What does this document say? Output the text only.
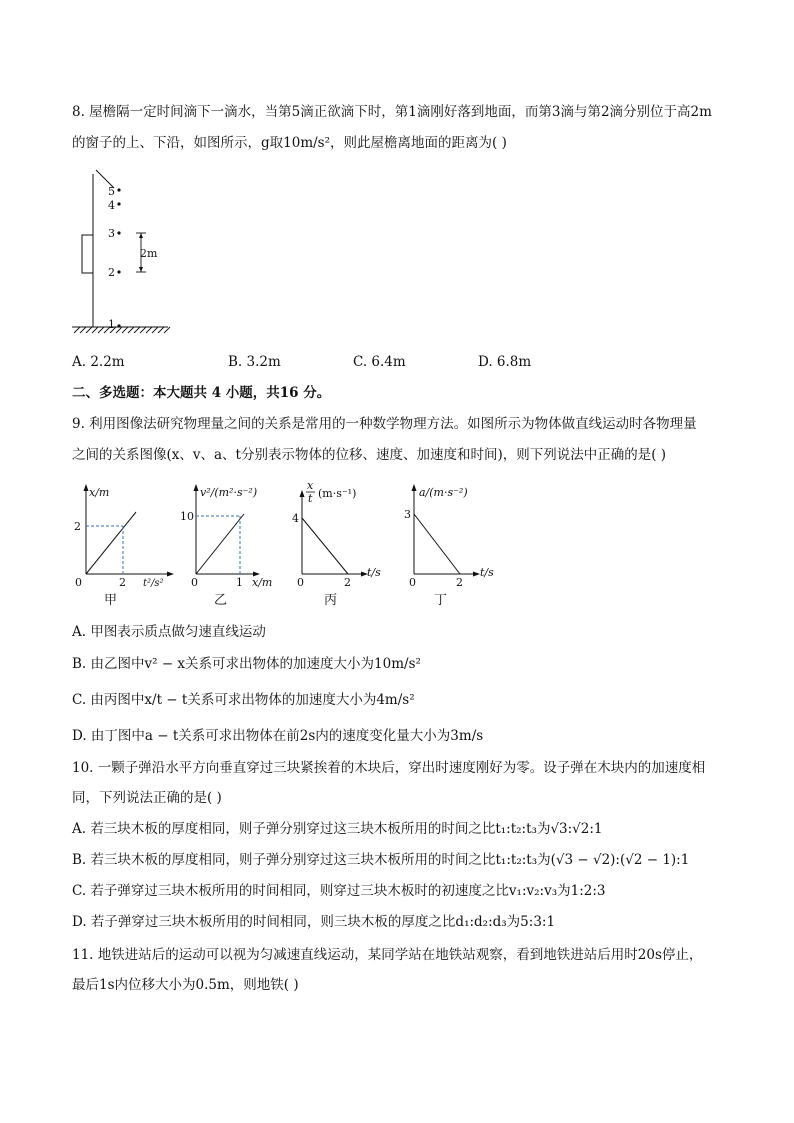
8. 屋檐隔一定时间滴下一滴水，当第5滴正欲滴下时，第1滴刚好落到地面，而第3滴与第2滴分别位于高2m
的窗子的上、下沿，如图所示，g取10m/s²，则此屋檐离地面的距离为( )
5
4
3
2
1
2m
A. 2.2m	B. 3.2m	C. 6.4m	D. 6.8m
二、多选题：本大题共 4 小题，共16 分。
9. 利用图像法研究物理量之间的关系是常用的一种数学物理方法。如图所示为物体做直线运动时各物理量
之间的关系图像(x、v、a、t分别表示物体的位移、速度、加速度和时间)，则下列说法中正确的是( )
x/m
2
0	2 t²/s²
甲
v²/(m²·s⁻²)
10
0	1 x/m
乙
x
t (m·s⁻¹)
4
0	2
t/s
丙
a/(m·s⁻²)
3
0	2
t/s
丁
A. 甲图表示质点做匀速直线运动
B. 由乙图中v² − x关系可求出物体的加速度大小为10m/s²
C. 由丙图中x/t − t关系可求出物体的加速度大小为4m/s²
D. 由丁图中a − t关系可求出物体在前2s内的速度变化量大小为3m/s
10. 一颗子弹沿水平方向垂直穿过三块紧挨着的木块后，穿出时速度刚好为零。设子弹在木块内的加速度相
同，下列说法正确的是( )
A. 若三块木板的厚度相同，则子弹分别穿过这三块木板所用的时间之比t₁:t₂:t₃为√3:√2:1
B. 若三块木板的厚度相同，则子弹分别穿过这三块木板所用的时间之比t₁:t₂:t₃为(√3 − √2):(√2 − 1):1
C. 若子弹穿过三块木板所用的时间相同，则穿过三块木板时的初速度之比v₁:v₂:v₃为1:2:3
D. 若子弹穿过三块木板所用的时间相同，则三块木板的厚度之比d₁:d₂:d₃为5:3:1
11. 地铁进站后的运动可以视为匀减速直线运动，某同学站在地铁站观察，看到地铁进站后用时20s停止，
最后1s内位移大小为0.5m，则地铁( )
